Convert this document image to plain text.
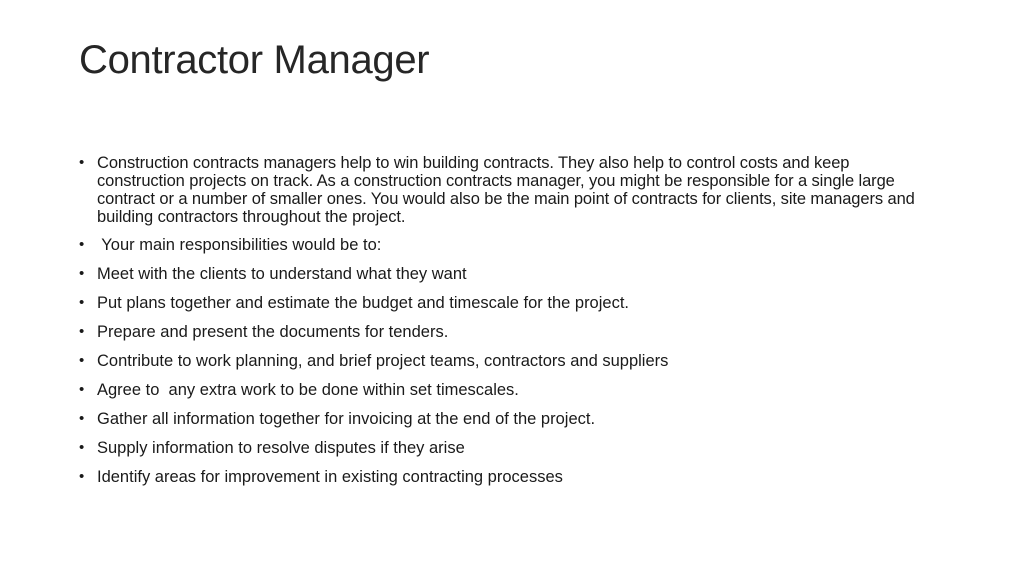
Contractor Manager
• Construction contracts managers help to win building contracts. They also help to control costs and keep construction projects on track. As a construction contracts manager, you might be responsible for a single large contract or a number of smaller ones. You would also be the main point of contracts for clients, site managers and building contractors throughout the project.
• Your main responsibilities would be to:
• Meet with the clients to understand what they want
• Put plans together and estimate the budget and timescale for the project.
• Prepare and present the documents for tenders.
• Contribute to work planning, and brief project teams, contractors and suppliers
• Agree to  any extra work to be done within set timescales.
• Gather all information together for invoicing at the end of the project.
• Supply information to resolve disputes if they arise
• Identify areas for improvement in existing contracting processes
